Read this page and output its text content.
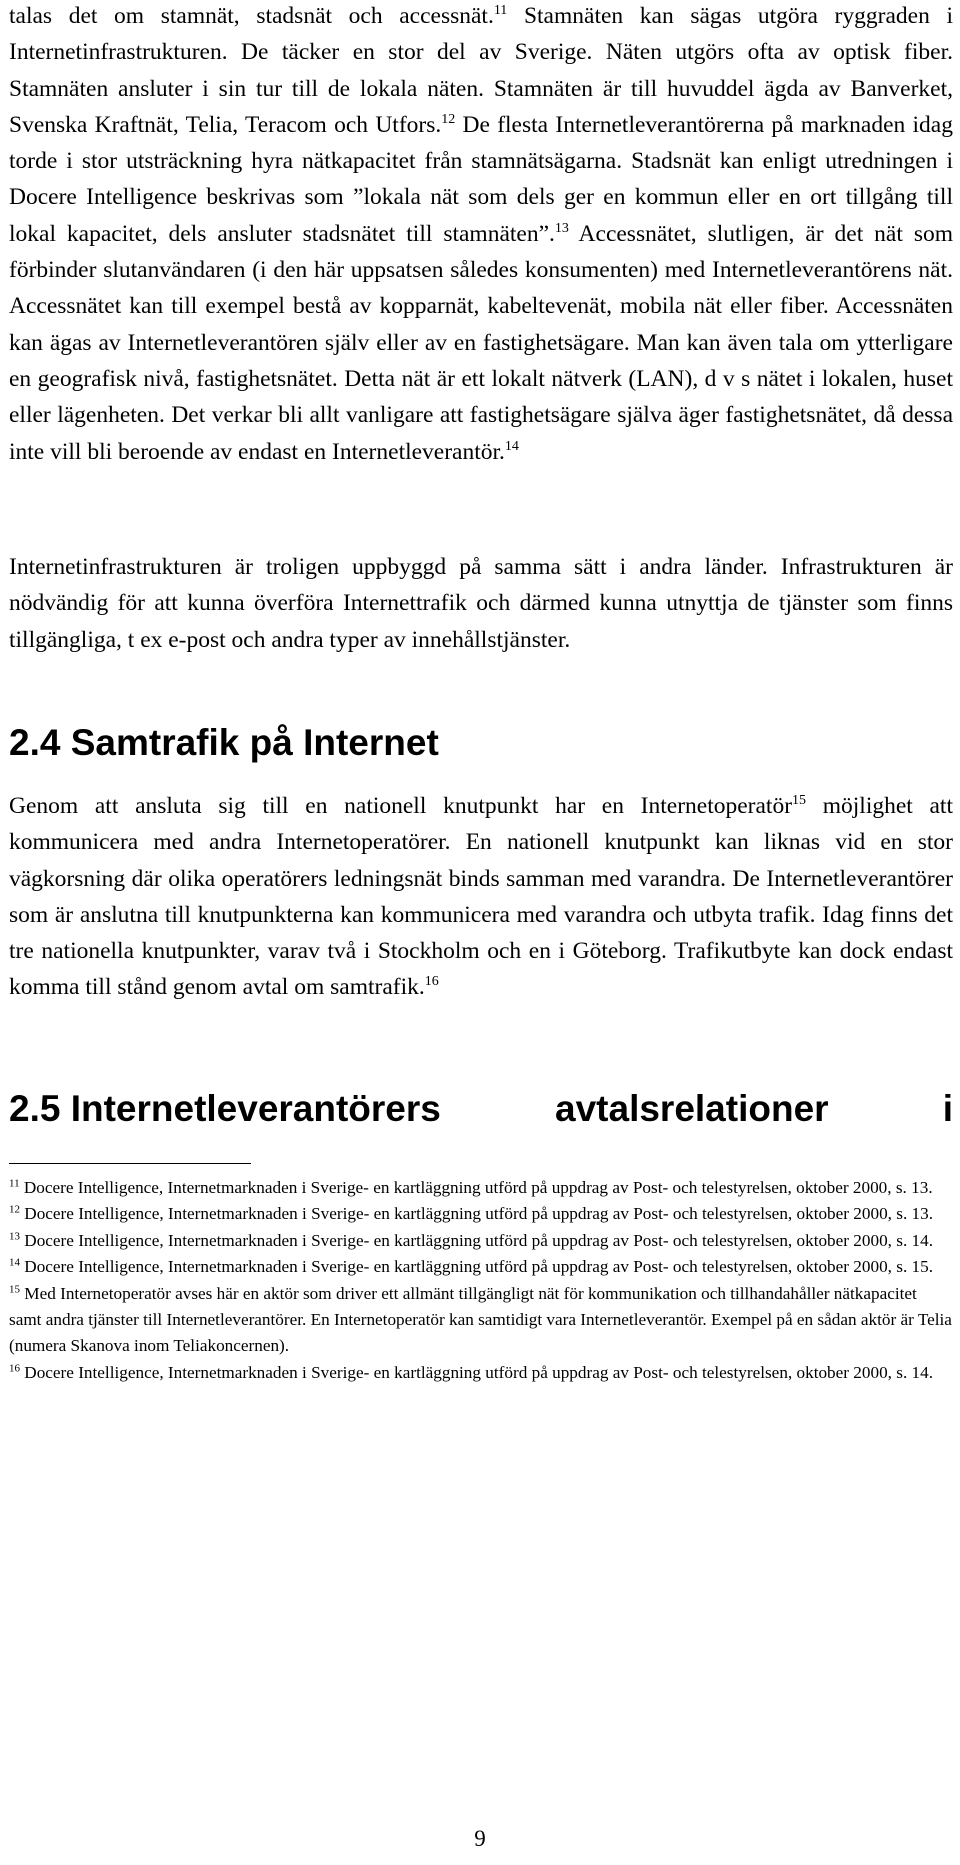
talas det om stamnät, stadsnät och accessnät.$^{11}$ Stamnäten kan sägas utgöra ryggraden i Internetinfrastrukturen. De täcker en stor del av Sverige. Näten utgörs ofta av optisk fiber. Stamnäten ansluter i sin tur till de lokala näten. Stamnäten är till huvuddel ägda av Banverket, Svenska Kraftnät, Telia, Teracom och Utfors.$^{12}$ De flesta Internetleverantörerna på marknaden idag torde i stor utsträckning hyra nätkapacitet från stamnätsägarna. Stadsnät kan enligt utredningen i Docere Intelligence beskrivas som ”lokala nät som dels ger en kommun eller en ort tillgång till lokal kapacitet, dels ansluter stadsnätet till stamnäten”.$^{13}$ Accessnätet, slutligen, är det nät som förbinder slutanvändaren (i den här uppsatsen således konsumenten) med Internetleverantörens nät. Accessnätet kan till exempel bestå av kopparnät, kabeltevenät, mobila nät eller fiber. Accessnäten kan ägas av Internetleverantören själv eller av en fastighetsägare. Man kan även tala om ytterligare en geografisk nivå, fastighetsnätet. Detta nät är ett lokalt nätverk (LAN), d v s nätet i lokalen, huset eller lägenheten. Det verkar bli allt vanligare att fastighetsägare själva äger fastighetsnätet, då dessa inte vill bli beroende av endast en Internetleverantör.$^{14}$

Internetinfrastrukturen är troligen uppbyggd på samma sätt i andra länder. Infrastrukturen är nödvändig för att kunna överföra Internettrafik och därmed kunna utnyttja de tjänster som finns tillgängliga, t ex e-post och andra typer av innehållstjänster.

2.4 Samtrafik på Internet

Genom att ansluta sig till en nationell knutpunkt har en Internetoperatör$^{15}$ möjlighet att kommunicera med andra Internetoperatörer. En nationell knutpunkt kan liknas vid en stor vägkorsning där olika operatörers ledningsnät binds samman med varandra. De Internetleverantörer som är anslutna till knutpunkterna kan kommunicera med varandra och utbyta trafik. Idag finns det tre nationella knutpunkter, varav två i Stockholm och en i Göteborg. Trafikutbyte kan dock endast komma till stånd genom avtal om samtrafik.$^{16}$

2.5 Internetleverantörers	avtalsrelationer	i

$^{11}$ Docere Intelligence, Internetmarknaden i Sverige- en kartläggning utförd på uppdrag av Post- och telestyrelsen, oktober 2000, s. 13.

$^{12}$ Docere Intelligence, Internetmarknaden i Sverige- en kartläggning utförd på uppdrag av Post- och telestyrelsen, oktober 2000, s. 13.

$^{13}$ Docere Intelligence, Internetmarknaden i Sverige- en kartläggning utförd på uppdrag av Post- och telestyrelsen, oktober 2000, s. 14.

$^{14}$ Docere Intelligence, Internetmarknaden i Sverige- en kartläggning utförd på uppdrag av Post- och telestyrelsen, oktober 2000, s. 15.

$^{15}$ Med Internetoperatör avses här en aktör som driver ett allmänt tillgängligt nät för kommunikation och tillhandahåller nätkapacitet samt andra tjänster till Internetleverantörer. En Internetoperatör kan samtidigt vara Internetleverantör. Exempel på en sådan aktör är Telia (numera Skanova inom Teliakoncernen).

$^{16}$ Docere Intelligence, Internetmarknaden i Sverige- en kartläggning utförd på uppdrag av Post- och telestyrelsen, oktober 2000, s. 14.

9
